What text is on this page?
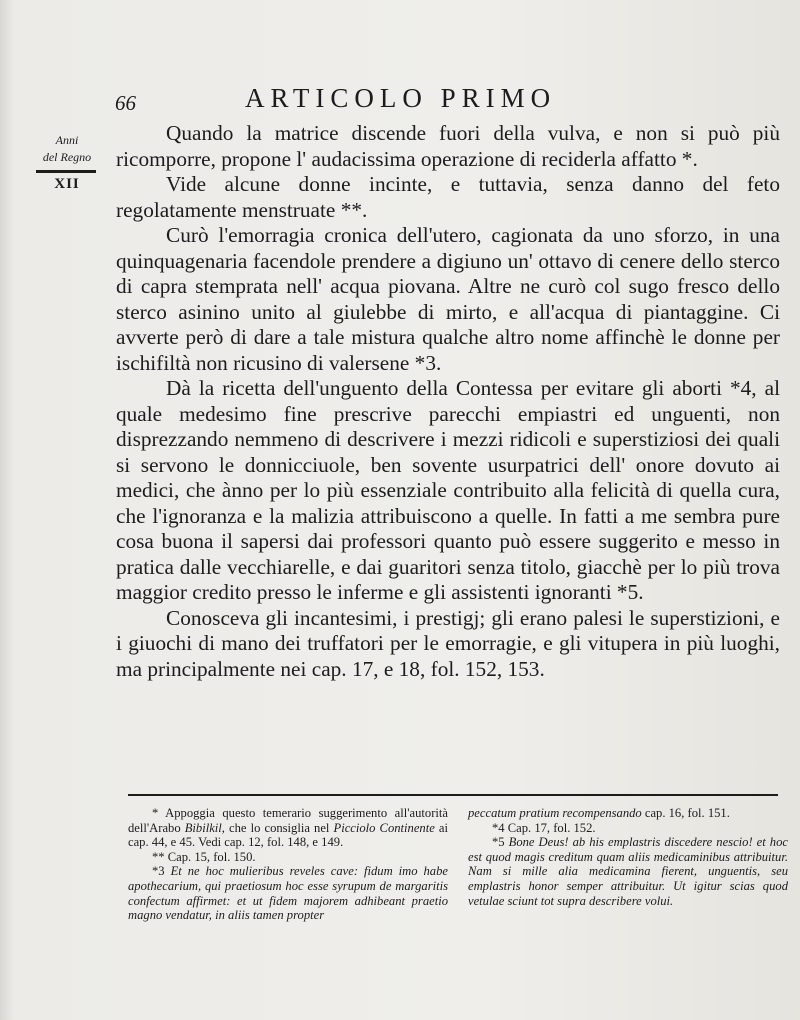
66	ARTICOLO PRIMO
Anni
del Regno
XII

Quando la matrice discende fuori della vulva, e non si può più ricomporre, propone l' audacissima operazione di reciderla affatto *.

Vide alcune donne incinte, e tuttavia, senza danno del feto regolatamente menstruate **.

Curò l'emorragia cronica dell'utero, cagionata da uno sforzo, in una quinquagenaria facendole prendere a digiuno un' ottavo di cenere dello sterco di capra stemprata nell' acqua piovana. Altre ne curò col sugo fresco dello sterco asinino unito al giulebbe di mirto, e all'acqua di piantaggine. Ci avverte però di dare a tale mistura qualche altro nome affinchè le donne per ischifiltà non ricusino di valersene *3.

Dà la ricetta dell'unguento della Contessa per evitare gli aborti *4, al quale medesimo fine prescrive parecchi empiastri ed unguenti, non disprezzando nemmeno di descrivere i mezzi ridicoli e superstiziosi dei quali si servono le donnicciuole, ben sovente usurpatrici dell' onore dovuto ai medici, che ànno per lo più essenziale contribuito alla felicità di quella cura, che l'ignoranza e la malizia attribuiscono a quelle. In fatti a me sembra pure cosa buona il sapersi dai professori quanto può essere suggerito e messo in pratica dalle vecchiarelle, e dai guaritori senza titolo, giacchè per lo più trova maggior credito presso le inferme e gli assistenti ignoranti *5.

Conosceva gli incantesimi, i prestigj; gli erano palesi le superstizioni, e i giuochi di mano dei truffatori per le emorragie, e gli vitupera in più luoghi, ma principalmente nei cap. 17, e 18, fol. 152, 153.

* Appoggia questo temerario suggerimento all'autorità dell'Arabo Bibilkil, che lo consiglia nel Picciolo Continente ai cap. 44, e 45. Vedi cap. 12, fol. 148, e 149.

** Cap. 15, fol. 150.

*3 Et ne hoc mulieribus reveles cave: fidum imo habe apothecarium, qui praetiosum hoc esse syrupum de margaritis confectum affirmet: et ut fidem majorem adhibeant praetio magno vendatur, in aliis tamen propter

peccatum pratium recompensando cap. 16, fol. 151.

*4 Cap. 17, fol. 152.

*5 Bone Deus! ab his emplastris discedere nescio! et hoc est quod magis creditum quam aliis medicaminibus attribuitur. Nam si mille alia medicamina fierent, unguentis, seu emplastris honor semper attribuitur. Ut igitur scias quod vetulae sciunt tot supra describere volui.
